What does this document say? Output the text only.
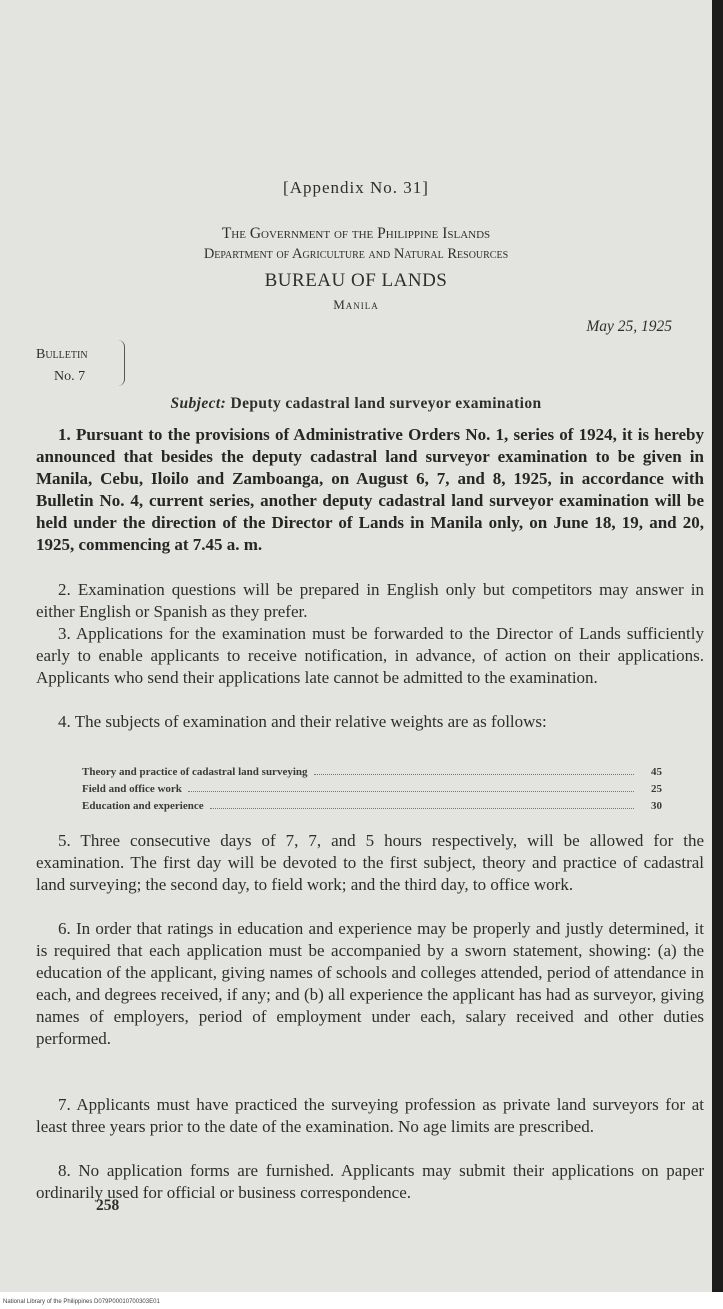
[Appendix No. 31]
The Government of the Philippine Islands
Department of Agriculture and Natural Resources
BUREAU OF LANDS
Manila
May 25, 1925
Bulletin
No. 7
Subject: Deputy cadastral land surveyor examination

1. Pursuant to the provisions of Administrative Orders No. 1, series of 1924, it is hereby announced that besides the deputy cadastral land surveyor examination to be given in Manila, Cebu, Iloilo and Zamboanga, on August 6, 7, and 8, 1925, in accordance with Bulletin No. 4, current series, another deputy cadastral land surveyor examination will be held under the direction of the Director of Lands in Manila only, on June 18, 19, and 20, 1925, commencing at 7.45 a. m.

2. Examination questions will be prepared in English only but competitors may answer in either English or Spanish as they prefer.

3. Applications for the examination must be forwarded to the Director of Lands sufficiently early to enable applicants to receive notification, in advance, of action on their applications. Applicants who send their applications late cannot be admitted to the examination.

4. The subjects of examination and their relative weights are as follows:

Theory and practice of cadastral land surveying	45
Field and office work	25
Education and experience	30

5. Three consecutive days of 7, 7, and 5 hours respectively, will be allowed for the examination. The first day will be devoted to the first subject, theory and practice of cadastral land surveying; the second day, to field work; and the third day, to office work.

6. In order that ratings in education and experience may be properly and justly determined, it is required that each application must be accompanied by a sworn statement, showing: (a) the education of the applicant, giving names of schools and colleges attended, period of attendance in each, and degrees received, if any; and (b) all experience the applicant has had as surveyor, giving names of employers, period of employment under each, salary received and other duties performed.

7. Applicants must have practiced the surveying profession as private land surveyors for at least three years prior to the date of the examination. No age limits are prescribed.

8. No application forms are furnished. Applicants may submit their applications on paper ordinarily used for official or business correspondence.

258
National Library of the Philippines D079P00010700303E01
